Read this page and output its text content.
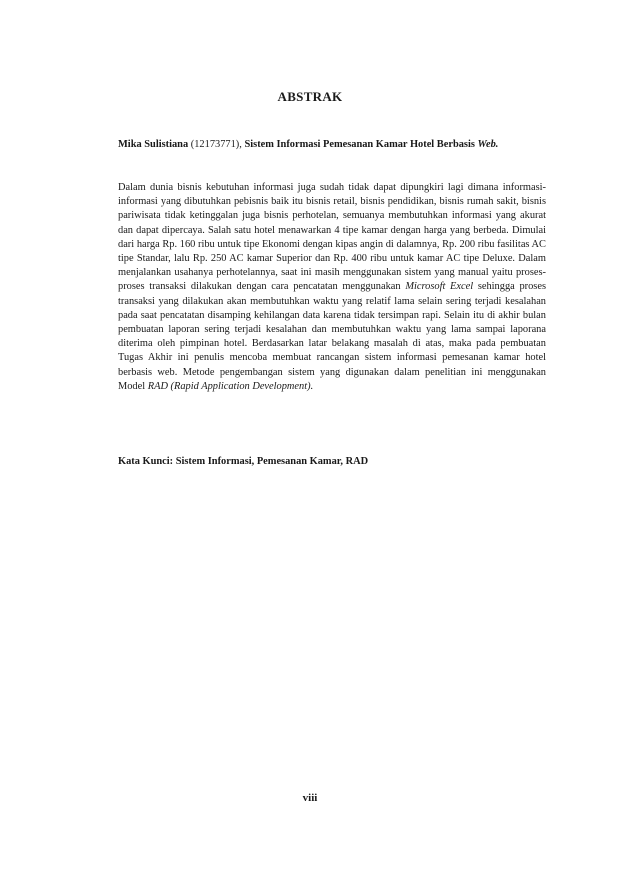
ABSTRAK
Mika Sulistiana (12173771), Sistem Informasi Pemesanan Kamar Hotel Berbasis Web.

Dalam dunia bisnis kebutuhan informasi juga sudah tidak dapat dipungkiri lagi dimana informasi-informasi yang dibutuhkan pebisnis baik itu bisnis retail, bisnis pendidikan, bisnis rumah sakit, bisnis pariwisata tidak ketinggalan juga bisnis perhotelan, semuanya membutuhkan informasi yang akurat dan dapat dipercaya. Salah satu hotel menawarkan 4 tipe kamar dengan harga yang berbeda. Dimulai dari harga Rp. 160 ribu untuk tipe Ekonomi dengan kipas angin di dalamnya, Rp. 200 ribu fasilitas AC tipe Standar, lalu Rp. 250 AC kamar Superior dan Rp. 400 ribu untuk kamar AC tipe Deluxe. Dalam menjalankan usahanya perhotelannya, saat ini masih menggunakan sistem yang manual yaitu proses-proses transaksi dilakukan dengan cara pencatatan menggunakan Microsoft Excel sehingga proses transaksi yang dilakukan akan membutuhkan waktu yang relatif lama selain sering terjadi kesalahan pada saat pencatatan disamping kehilangan data karena tidak tersimpan rapi. Selain itu di akhir bulan pembuatan laporan sering terjadi kesalahan dan membutuhkan waktu yang lama sampai laporana diterima oleh pimpinan hotel. Berdasarkan latar belakang masalah di atas, maka pada pembuatan Tugas Akhir ini penulis mencoba membuat rancangan sistem informasi pemesanan kamar hotel berbasis web. Metode pengembangan sistem yang digunakan dalam penelitian ini menggunakan Model RAD (Rapid Application Development).

Kata Kunci: Sistem Informasi, Pemesanan Kamar, RAD
viii
